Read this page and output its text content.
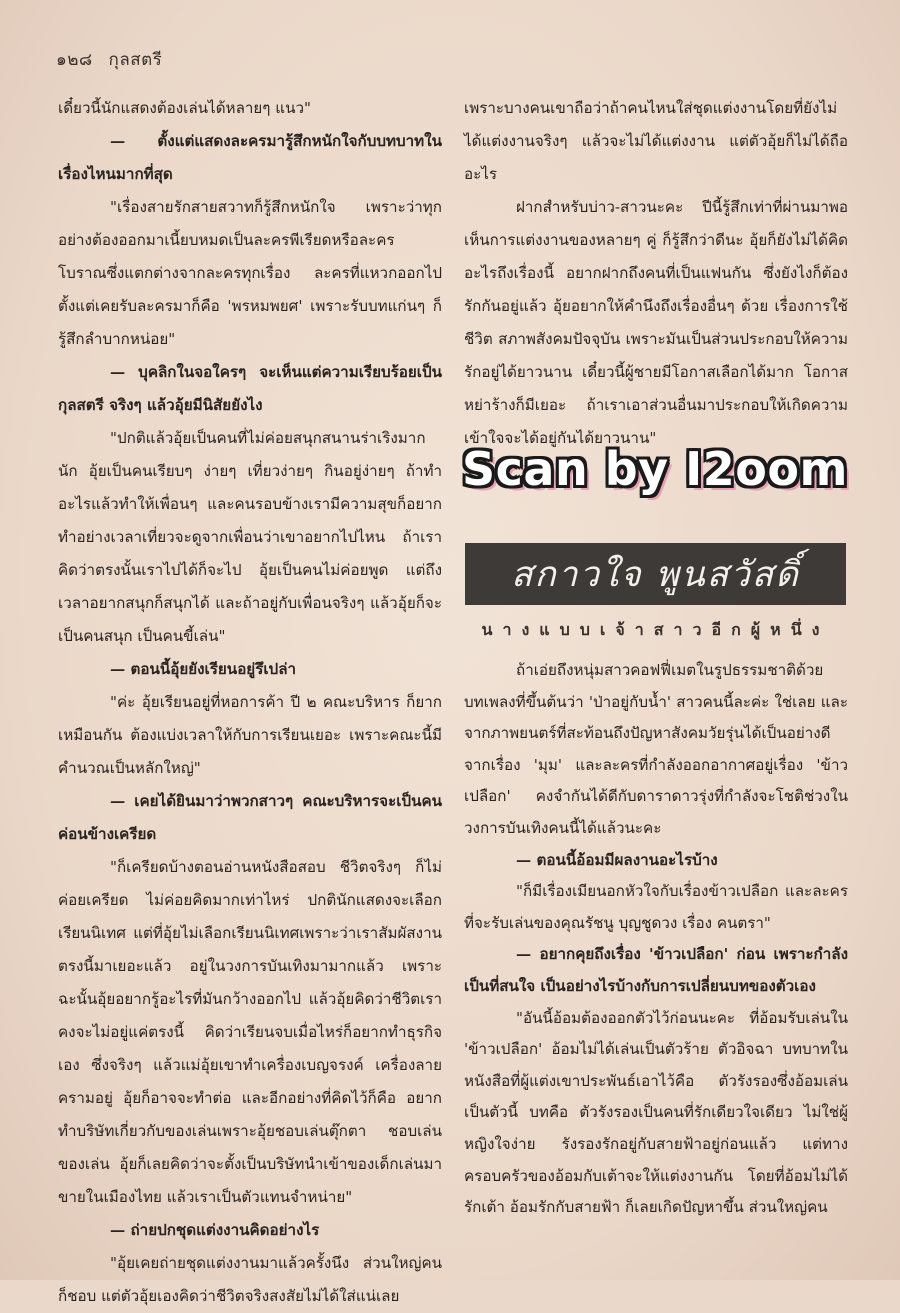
๑๒๘ กุลสตรี

เดี๋ยวนี้นักแสดงต้องเล่นได้หลายๆ แนว"

— ตั้งแต่แสดงละครมารู้สึกหนักใจกับบทบาทในเรื่องไหนมากที่สุด

"เรื่องสายรักสายสวาทก็รู้สึกหนักใจ เพราะว่าทุกอย่างต้องออกมาเนี้ยบหมดเป็นละครพีเรียดหรือละครโบราณซึ่งแตกต่างจากละครทุกเรื่อง ละครที่แหวกออกไปตั้งแต่เคยรับละครมาก็คือ 'พรหมพยศ' เพราะรับบทแก่นๆ ก็รู้สึกลำบากหน่อย"

— บุคลิกในจอใครๆ จะเห็นแต่ความเรียบร้อยเป็นกุลสตรี จริงๆ แล้วอุ้ยมีนิสัยยังไง

"ปกติแล้วอุ้ยเป็นคนที่ไม่ค่อยสนุกสนานร่าเริงมากนัก อุ้ยเป็นคนเรียบๆ ง่ายๆ เที่ยวง่ายๆ กินอยู่ง่ายๆ ถ้าทำอะไรแล้วทำให้เพื่อนๆ และคนรอบข้างเรามีความสุขก็อยากทำอย่างเวลาเที่ยวจะดูจากเพื่อนว่าเขาอยากไปไหน ถ้าเราคิดว่าตรงนั้นเราไปได้ก็จะไป อุ้ยเป็นคนไม่ค่อยพูด แต่ถึงเวลาอยากสนุกก็สนุกได้ และถ้าอยู่กับเพื่อนจริงๆ แล้วอุ้ยก็จะเป็นคนสนุก เป็นคนขี้เล่น"

— ตอนนี้อุ้ยยังเรียนอยู่รึเปล่า

"ค่ะ อุ้ยเรียนอยู่ที่หอการค้า ปี ๒ คณะบริหาร ก็ยากเหมือนกัน ต้องแบ่งเวลาให้กับการเรียนเยอะ เพราะคณะนี้มีคำนวณเป็นหลักใหญ่"

— เคยได้ยินมาว่าพวกสาวๆ คณะบริหารจะเป็นคนค่อนข้างเครียด

"ก็เครียดบ้างตอนอ่านหนังสือสอบ ชีวิตจริงๆ ก็ไม่ค่อยเครียด ไม่ค่อยคิดมากเท่าไหร่ ปกตินักแสดงจะเลือกเรียนนิเทศ แต่ที่อุ้ยไม่เลือกเรียนนิเทศเพราะว่าเราสัมผัสงานตรงนี้มาเยอะแล้ว อยู่ในวงการบันเทิงมามากแล้ว เพราะฉะนั้นอุ้ยอยากรู้อะไรที่มันกว้างออกไป แล้วอุ้ยคิดว่าชีวิตเราคงจะไม่อยู่แค่ตรงนี้ คิดว่าเรียนจบเมื่อไหร่ก็อยากทำธุรกิจเอง ซึ่งจริงๆ แล้วแม่อุ้ยเขาทำเครื่องเบญจรงค์ เครื่องลายครามอยู่ อุ้ยก็อาจจะทำต่อ และอีกอย่างที่คิดไว้ก็คือ อยากทำบริษัทเกี่ยวกับของเล่นเพราะอุ้ยชอบเล่นตุ๊กตา ชอบเล่นของเล่น อุ้ยก็เลยคิดว่าจะตั้งเป็นบริษัทนำเข้าของเด็กเล่นมาขายในเมืองไทย แล้วเราเป็นตัวแทนจำหน่าย"

— ถ่ายปกชุดแต่งงานคิดอย่างไร

"อุ้ยเคยถ่ายชุดแต่งงานมาแล้วครั้งนึง ส่วนใหญ่คนก็ชอบ แต่ตัวอุ้ยเองคิดว่าชีวิตจริงสงสัยไม่ได้ใส่แน่เลย

เพราะบางคนเขาถือว่าถ้าคนไหนใส่ชุดแต่งงานโดยที่ยังไม่ได้แต่งงานจริงๆ แล้วจะไม่ได้แต่งงาน แต่ตัวอุ้ยก็ไม่ได้ถืออะไร

ฝากสำหรับบ่าว-สาวนะคะ ปีนี้รู้สึกเท่าที่ผ่านมาพอเห็นการแต่งงานของหลายๆ คู่ ก็รู้สึกว่าดีนะ อุ้ยก็ยังไม่ได้คิดอะไรถึงเรื่องนี้ อยากฝากถึงคนที่เป็นแฟนกัน ซึ่งยังไงก็ต้องรักกันอยู่แล้ว อุ้ยอยากให้คำนึงถึงเรื่องอื่นๆ ด้วย เรื่องการใช้ชีวิต สภาพสังคมปัจจุบัน เพราะมันเป็นส่วนประกอบให้ความรักอยู่ได้ยาวนาน เดี๋ยวนี้ผู้ชายมีโอกาสเลือกได้มาก โอกาสหย่าร้างก็มีเยอะ ถ้าเราเอาส่วนอื่นมาประกอบให้เกิดความเข้าใจจะได้อยู่กันได้ยาวนาน"

Scan by I2oom
สกาวใจ พูนสวัสดิ์
นางแบบเจ้าสาวอีกผู้หนึ่ง

ถ้าเอ่ยถึงหนุ่มสาวคอฟฟี่เมตในรูปธรรมชาติด้วยบทเพลงที่ขึ้นต้นว่า 'ป่าอยู่กับน้ำ' สาวคนนี้ละค่ะ ใช่เลย และจากภาพยนตร์ที่สะท้อนถึงปัญหาสังคมวัยรุ่นได้เป็นอย่างดีจากเรื่อง 'มุม' และละครที่กำลังออกอากาศอยู่เรื่อง 'ข้าวเปลือก' คงจำกันได้ดีกับดาราดาวรุ่งที่กำลังจะโชติช่วงในวงการบันเทิงคนนี้ได้แล้วนะคะ

— ตอนนี้อ้อมมีผลงานอะไรบ้าง

"ก็มีเรื่องเมียนอกหัวใจกับเรื่องข้าวเปลือก และละครที่จะรับเล่นของคุณรัชนู บุญชูดวง เรื่อง คนตรา"

— อยากคุยถึงเรื่อง 'ข้าวเปลือก' ก่อน เพราะกำลังเป็นที่สนใจ เป็นอย่างไรบ้างกับการเปลี่ยนบทของตัวเอง

"อันนี้อ้อมต้องออกตัวไว้ก่อนนะคะ ที่อ้อมรับเล่นใน 'ข้าวเปลือก' อ้อมไม่ได้เล่นเป็นตัวร้าย ตัวอิจฉา บทบาทในหนังสือที่ผู้แต่งเขาประพันธ์เอาไว้คือ ตัวรังรองซึ่งอ้อมเล่นเป็นตัวนี้ บทคือ ตัวรังรองเป็นคนที่รักเดียวใจเดียว ไม่ใช่ผู้หญิงใจง่าย รังรองรักอยู่กับสายฟ้าอยู่ก่อนแล้ว แต่ทางครอบครัวของอ้อมกับเต้าจะให้แต่งงานกัน โดยที่อ้อมไม่ได้รักเต้า อ้อมรักกับสายฟ้า ก็เลยเกิดปัญหาขึ้น ส่วนใหญ่คน
